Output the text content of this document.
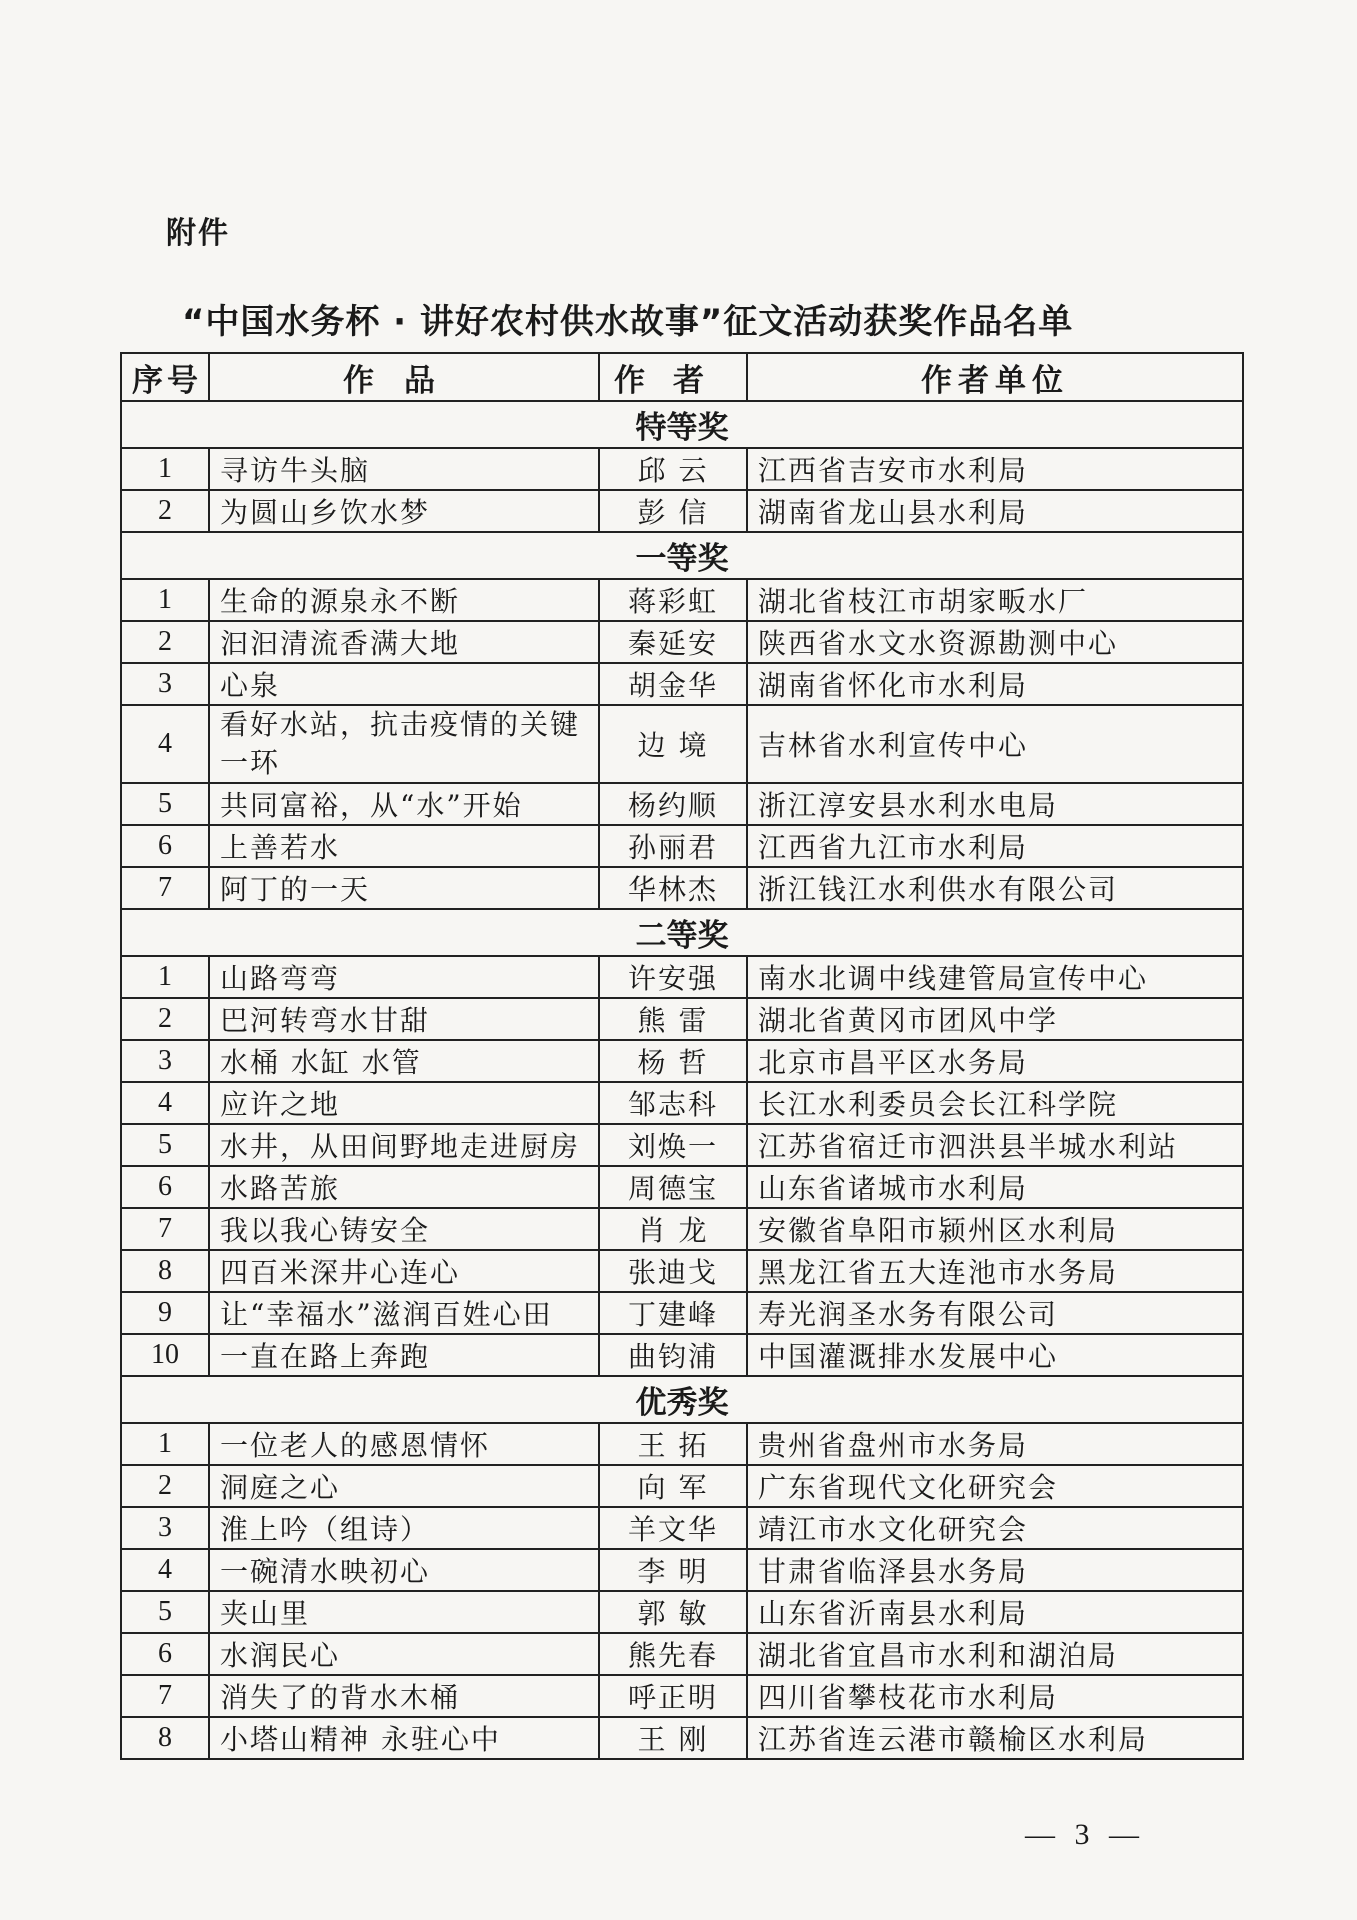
附件
“中国水务杯 · 讲好农村供水故事”征文活动获奖作品名单
序号	作品	作者	作者单位
特等奖			
1	寻访牛头脑	邱 云	江西省吉安市水利局
2	为圆山乡饮水梦	彭 信	湖南省龙山县水利局
一等奖			
1	生命的源泉永不断	蒋彩虹	湖北省枝江市胡家畈水厂
2	汩汩清流香满大地	秦延安	陕西省水文水资源勘测中心
3	心泉	胡金华	湖南省怀化市水利局
4	看好水站，抗击疫情的关键一环	边 境	吉林省水利宣传中心
5	共同富裕，从“水”开始	杨约顺	浙江淳安县水利水电局
6	上善若水	孙丽君	江西省九江市水利局
7	阿丁的一天	华林杰	浙江钱江水利供水有限公司
二等奖			
1	山路弯弯	许安强	南水北调中线建管局宣传中心
2	巴河转弯水甘甜	熊 雷	湖北省黄冈市团风中学
3	水桶 水缸 水管	杨 哲	北京市昌平区水务局
4	应许之地	邹志科	长江水利委员会长江科学院
5	水井，从田间野地走进厨房	刘焕一	江苏省宿迁市泗洪县半城水利站
6	水路苦旅	周德宝	山东省诸城市水利局
7	我以我心铸安全	肖 龙	安徽省阜阳市颍州区水利局
8	四百米深井心连心	张迪戈	黑龙江省五大连池市水务局
9	让“幸福水”滋润百姓心田	丁建峰	寿光润圣水务有限公司
10	一直在路上奔跑	曲钧浦	中国灌溉排水发展中心
优秀奖			
1	一位老人的感恩情怀	王 拓	贵州省盘州市水务局
2	洞庭之心	向 军	广东省现代文化研究会
3	淮上吟（组诗）	羊文华	靖江市水文化研究会
4	一碗清水映初心	李 明	甘肃省临泽县水务局
5	夹山里	郭 敏	山东省沂南县水利局
6	水润民心	熊先春	湖北省宜昌市水利和湖泊局
7	消失了的背水木桶	呼正明	四川省攀枝花市水利局
8	小塔山精神 永驻心中	王 刚	江苏省连云港市赣榆区水利局
— 3 —
